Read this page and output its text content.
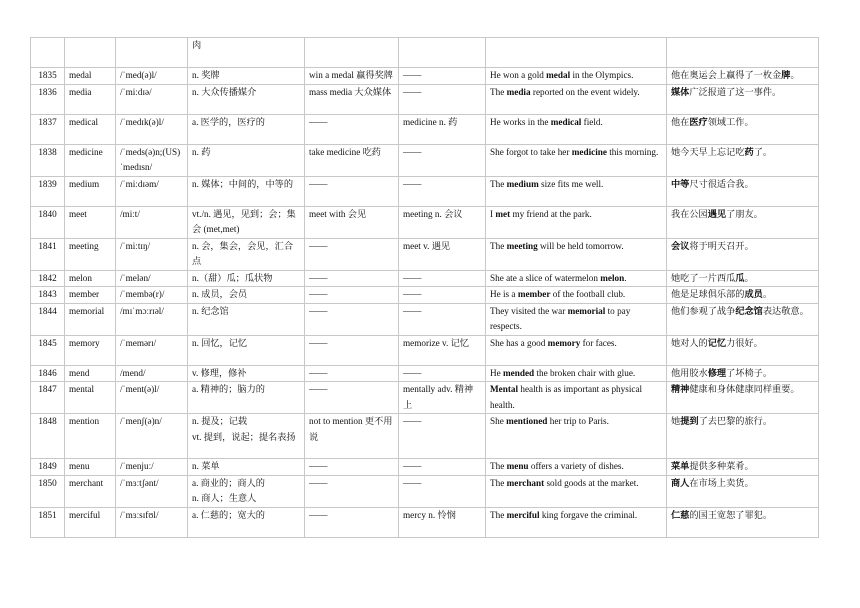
			肉				
1835	medal	/ˈmed(ə)l/	n. 奖牌	win a medal 赢得奖牌	——	He won a gold medal in the Olympics.	他在奥运会上赢得了一枚金牌。
1836	media	/ˈmiːdɪə/	n. 大众传播媒介	mass media 大众媒体	——	The media reported on the event widely.	媒体广泛报道了这一事件。
1837	medical	/ˈmedɪk(ə)l/	a. 医学的，医疗的	——	medicine n. 药	He works in the medical field.	他在医疗领域工作。
1838	medicine	/ˈmeds(ə)n;(US)ˈmedɪsn/	n. 药	take medicine 吃药	——	She forgot to take her medicine this morning.	她今天早上忘记吃药了。
1839	medium	/ˈmiːdɪəm/	n. 媒体；中间的，中等的	——	——	The medium size fits me well.	中等尺寸很适合我。
1840	meet	/miːt/	vt./n. 遇见，见到；会；集会 (met,met)	meet with 会见	meeting n. 会议	I met my friend at the park.	我在公园遇见了朋友。
1841	meeting	/ˈmiːtɪŋ/	n. 会，集会，会见，汇合点	——	meet v. 遇见	The meeting will be held tomorrow.	会议将于明天召开。
1842	melon	/ˈmelən/	n.（甜）瓜；瓜状物	——	——	She ate a slice of watermelon melon.	她吃了一片西瓜瓜。
1843	member	/ˈmembə(r)/	n. 成员，会员	——	——	He is a member of the football club.	他是足球俱乐部的成员。
1844	memorial	/mɪˈmɔːrɪəl/	n. 纪念馆	——	——	They visited the war memorial to pay respects.	他们参观了战争纪念馆表达敬意。
1845	memory	/ˈmemərɪ/	n. 回忆，记忆	——	memorize v. 记忆	She has a good memory for faces.	她对人的记忆力很好。
1846	mend	/mend/	v. 修理，修补	——	——	He mended the broken chair with glue.	他用胶水修理了坏椅子。
1847	mental	/ˈment(ə)l/	a. 精神的；脑力的	——	mentally adv. 精神上	Mental health is as important as physical health.	精神健康和身体健康同样重要。
1848	mention	/ˈmenʃ(ə)n/	n. 提及；记载
vt. 提到，说起；提名表扬	not to mention 更不用说	——	She mentioned her trip to Paris.	她提到了去巴黎的旅行。
1849	menu	/ˈmenjuː/	n. 菜单	——	——	The menu offers a variety of dishes.	菜单提供多种菜肴。
1850	merchant	/ˈmɜːtʃənt/	a. 商业的；商人的
n. 商人；生意人	——	——	The merchant sold goods at the market.	商人在市场上卖货。
1851	merciful	/ˈmɜːsɪfʊl/	a. 仁慈的；宽大的	——	mercy n. 怜悯	The merciful king forgave the criminal.	仁慈的国王宽恕了罪犯。
